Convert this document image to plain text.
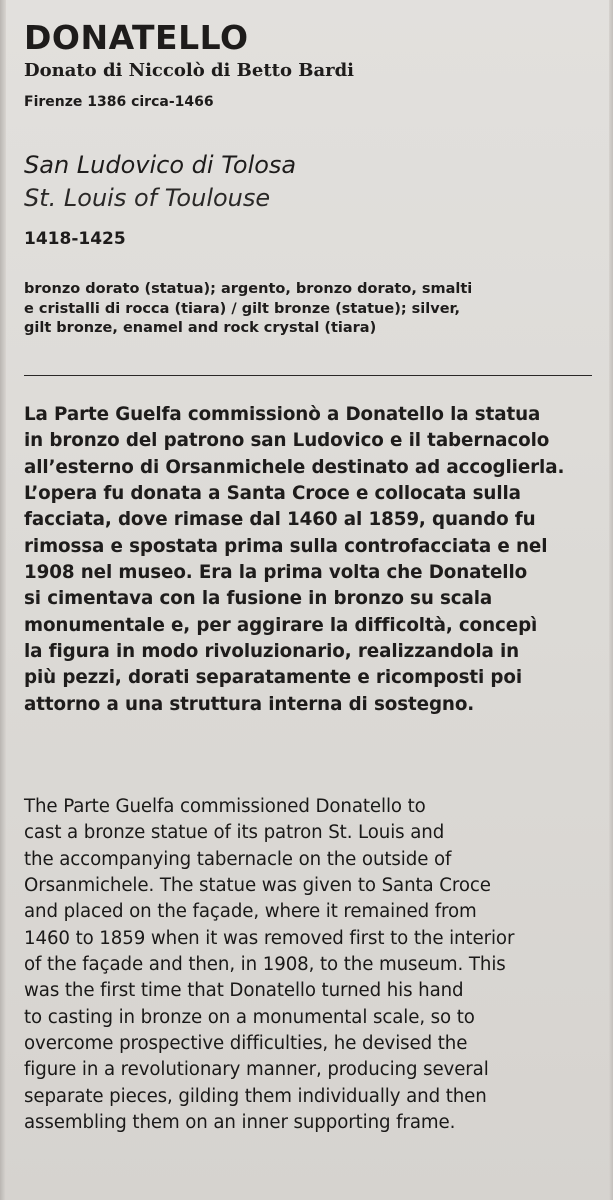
DONATELLO
Donato di Niccolò di Betto Bardi
Firenze 1386 circa-1466
San Ludovico di Tolosa
St. Louis of Toulouse
1418-1425
bronzo dorato (statua); argento, bronzo dorato, smalti
e cristalli di rocca (tiara) / gilt bronze (statue); silver,
gilt bronze, enamel and rock crystal (tiara)
La Parte Guelfa commissionò a Donatello la statua
in bronzo del patrono san Ludovico e il tabernacolo
all’esterno di Orsanmichele destinato ad accoglierla.
L’opera fu donata a Santa Croce e collocata sulla
facciata, dove rimase dal 1460 al 1859, quando fu
rimossa e spostata prima sulla controfacciata e nel
1908 nel museo. Era la prima volta che Donatello
si cimentava con la fusione in bronzo su scala
monumentale e, per aggirare la difficoltà, concepì
la figura in modo rivoluzionario, realizzandola in
più pezzi, dorati separatamente e ricomposti poi
attorno a una struttura interna di sostegno.
The Parte Guelfa commissioned Donatello to
cast a bronze statue of its patron St. Louis and
the accompanying tabernacle on the outside of
Orsanmichele. The statue was given to Santa Croce
and placed on the façade, where it remained from
1460 to 1859 when it was removed first to the interior
of the façade and then, in 1908, to the museum. This
was the first time that Donatello turned his hand
to casting in bronze on a monumental scale, so to
overcome prospective difficulties, he devised the
figure in a revolutionary manner, producing several
separate pieces, gilding them individually and then
assembling them on an inner supporting frame.
